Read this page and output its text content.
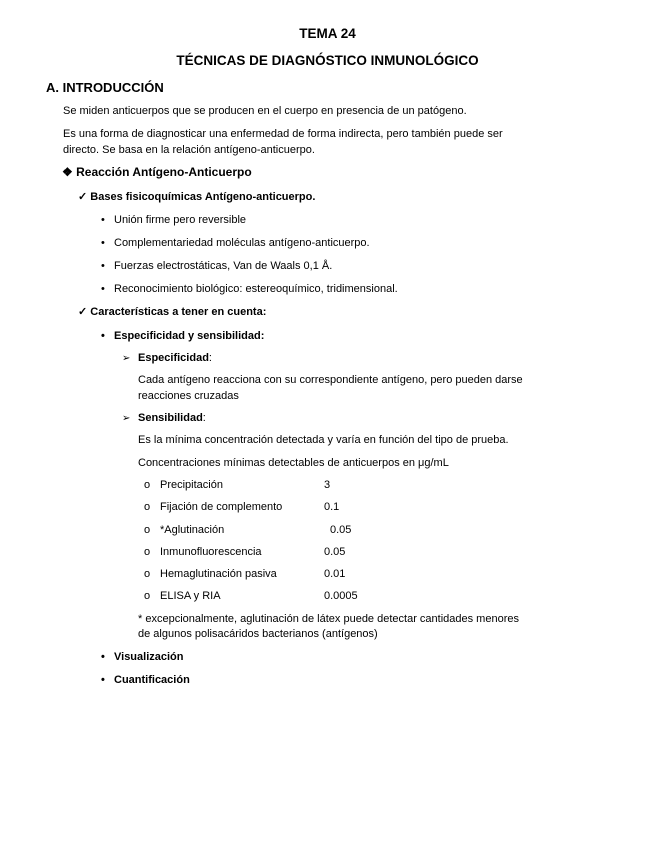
TEMA 24
TÉCNICAS DE DIAGNÓSTICO INMUNOLÓGICO
A. INTRODUCCIÓN
Se miden anticuerpos que se producen en el cuerpo en presencia de un patógeno.
Es una forma de diagnosticar una enfermedad de forma indirecta, pero también puede ser
directo. Se basa en la relación antígeno-anticuerpo.
❖ Reacción Antígeno-Anticuerpo
✓ Bases fisicoquímicas Antígeno-anticuerpo.
• Unión firme pero reversible
• Complementariedad moléculas antígeno-anticuerpo.
• Fuerzas electrostáticas, Van de Waals 0,1 Å.
• Reconocimiento biológico: estereoquímico, tridimensional.
✓ Características a tener en cuenta:
• Especificidad y sensibilidad:
➢ Especificidad:
Cada antígeno reacciona con su correspondiente antígeno, pero pueden darse
reacciones cruzadas
➢ Sensibilidad:
Es la mínima concentración detectada y varía en función del tipo de prueba.
Concentraciones mínimas detectables de anticuerpos en μg/mL
o Precipitación	3
o Fijación de complemento	0.1
o *Aglutinación	0.05
o Inmunofluorescencia	0.05
o Hemaglutinación pasiva	0.01
o ELISA y RIA	0.0005
* excepcionalmente, aglutinación de látex puede detectar cantidades menores
de algunos polisacáridos bacterianos (antígenos)
• Visualización
• Cuantificación
